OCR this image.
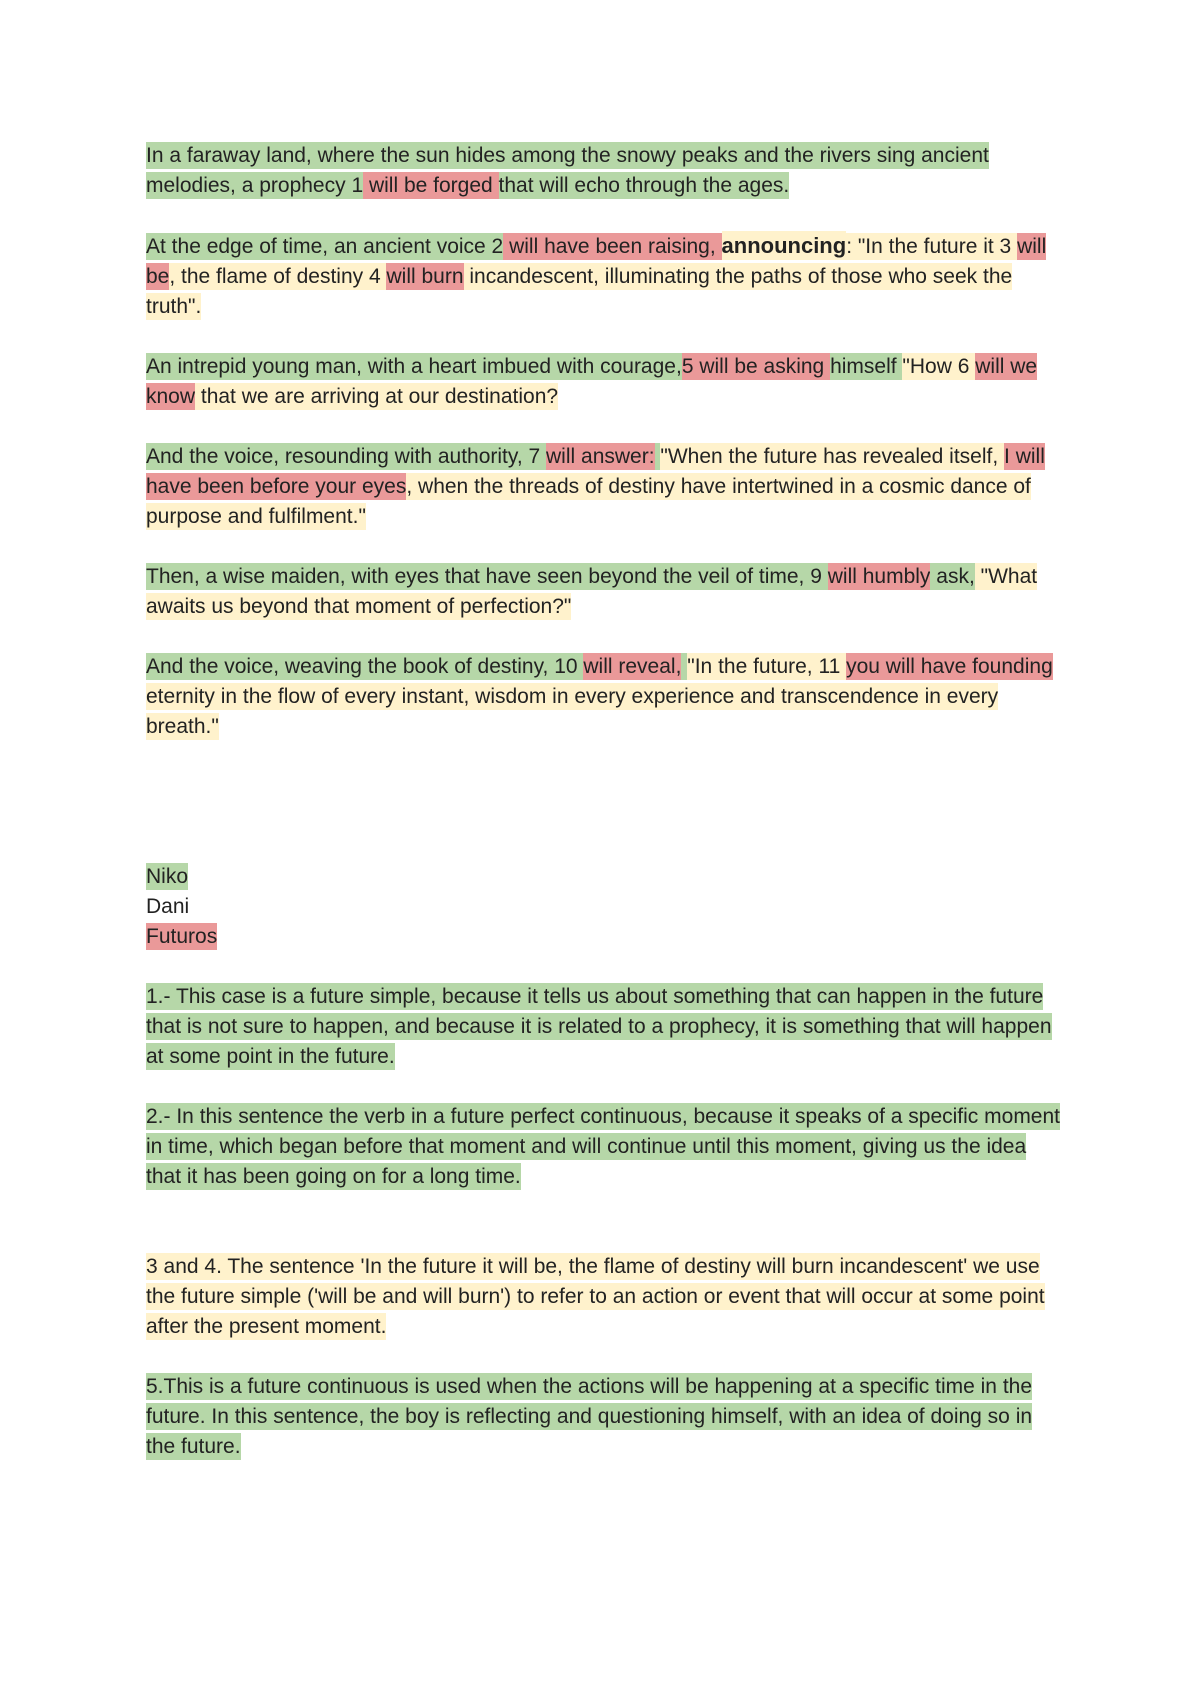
In a faraway land, where the sun hides among the snowy peaks and the rivers sing ancient melodies, a prophecy 1 will be forged that will echo through the ages.

At the edge of time, an ancient voice 2 will have been raising, announcing: "In the future it 3 will be, the flame of destiny 4 will burn incandescent, illuminating the paths of those who seek the truth".

An intrepid young man, with a heart imbued with courage,5 will be asking himself "How 6 will we know that we are arriving at our destination?

And the voice, resounding with authority, 7 will answer: "When the future has revealed itself, I will have been before your eyes, when the threads of destiny have intertwined in a cosmic dance of purpose and fulfilment."

Then, a wise maiden, with eyes that have seen beyond the veil of time, 9 will humbly ask, "What awaits us beyond that moment of perfection?"

And the voice, weaving the book of destiny, 10 will reveal, "In the future, 11 you will have founding eternity in the flow of every instant, wisdom in every experience and transcendence in every breath."

Niko

Dani

Futuros

1.- This case is a future simple, because it tells us about something that can happen in the future that is not sure to happen, and because it is related to a prophecy, it is something that will happen at some point in the future.

2.- In this sentence the verb in a future perfect continuous, because it speaks of a specific moment in time, which began before that moment and will continue until this moment, giving us the idea that it has been going on for a long time.

3 and 4. The sentence 'In the future it will be, the flame of destiny will burn incandescent' we use the future simple ('will be and will burn') to refer to an action or event that will occur at some point after the present moment.

5.This is a future continuous is used when the actions will be happening at a specific time in the future. In this sentence, the boy is reflecting and questioning himself, with an idea of doing so in the future.
